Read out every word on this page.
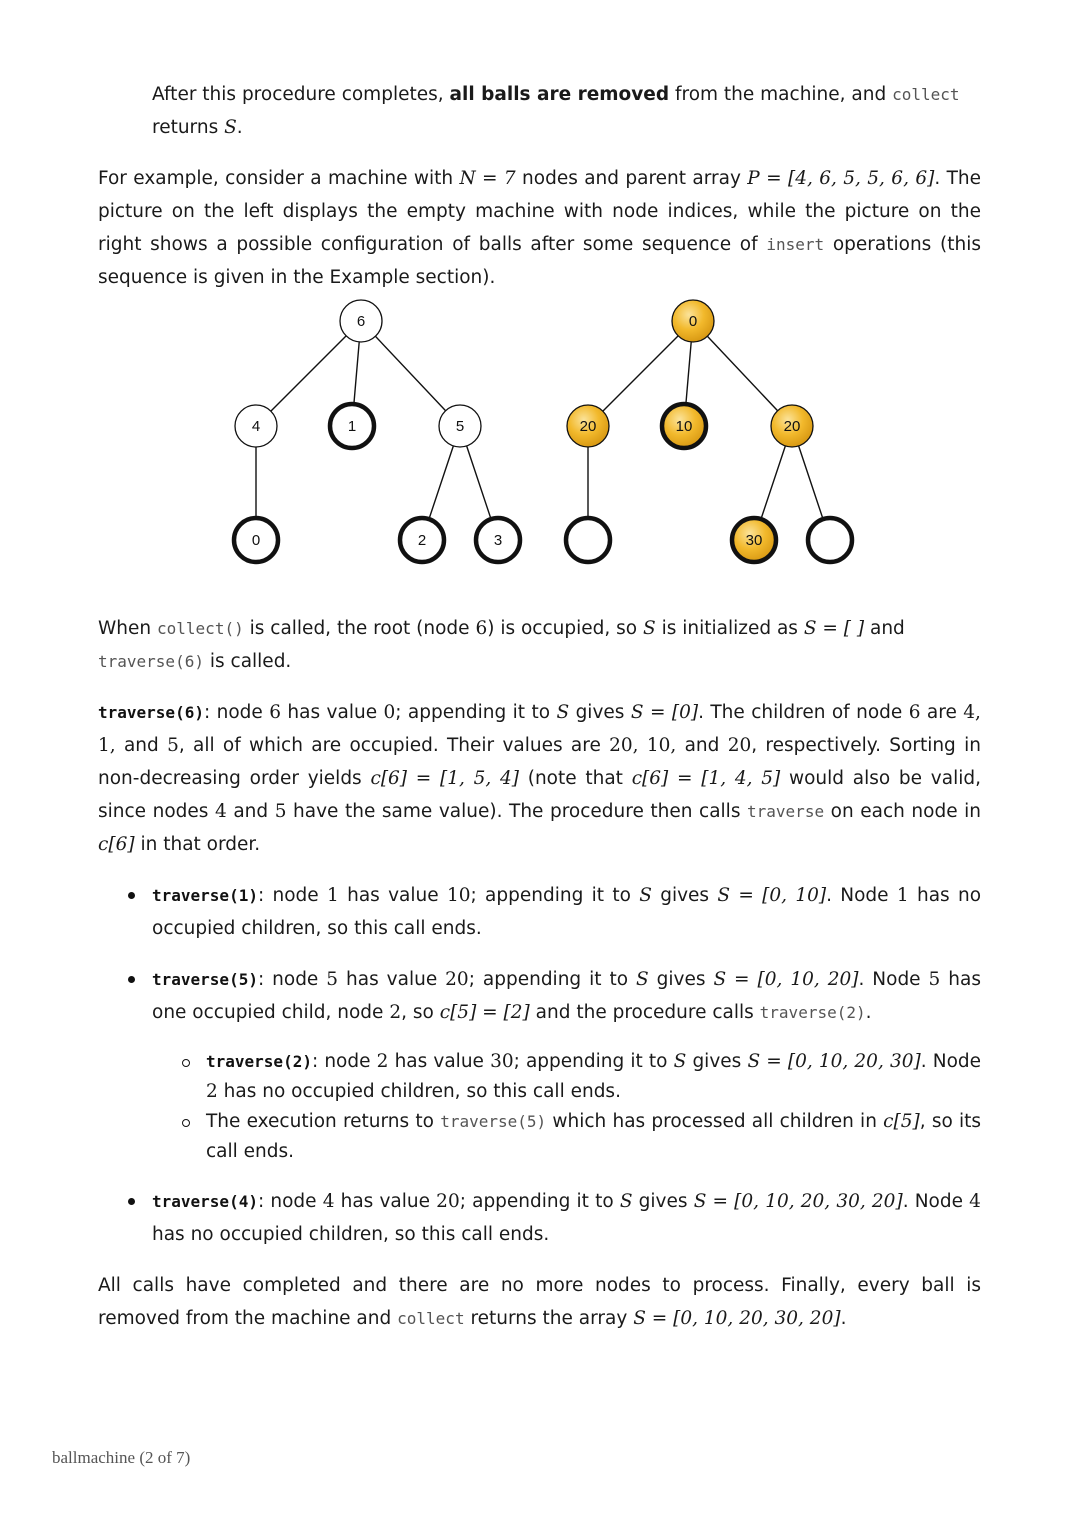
After this procedure completes, all balls are removed from the machine, and collect
returns S.

For example, consider a machine with N = 7 nodes and parent array P = [4, 6, 5, 5, 6, 6]. The picture on the left displays the empty machine with node indices, while the picture on the right shows a possible configuration of balls after some sequence of insert operations (this sequence is given in the Example section).

6
4	1	5
0	2	3
0
20	10	20
30

When collect() is called, the root (node 6) is occupied, so S is initialized as S = [ ] and
traverse(6) is called.

traverse(6): node 6 has value 0; appending it to S gives S = [0]. The children of node 6 are 4, 1, and 5, all of which are occupied. Their values are 20, 10, and 20, respectively. Sorting in non-decreasing order yields c[6] = [1, 5, 4] (note that c[6] = [1, 4, 5] would also be valid, since nodes 4 and 5 have the same value). The procedure then calls traverse on each node in c[6] in that order.

traverse(1): node 1 has value 10; appending it to S gives S = [0, 10]. Node 1 has no occupied children, so this call ends.

traverse(5): node 5 has value 20; appending it to S gives S = [0, 10, 20]. Node 5 has one occupied child, node 2, so c[5] = [2] and the procedure calls traverse(2).

traverse(2): node 2 has value 30; appending it to S gives S = [0, 10, 20, 30]. Node 2 has no occupied children, so this call ends.

The execution returns to traverse(5) which has processed all children in c[5], so its call ends.

traverse(4): node 4 has value 20; appending it to S gives S = [0, 10, 20, 30, 20]. Node 4 has no occupied children, so this call ends.

All calls have completed and there are no more nodes to process. Finally, every ball is removed from the machine and collect returns the array S = [0, 10, 20, 30, 20].

ballmachine (2 of 7)
